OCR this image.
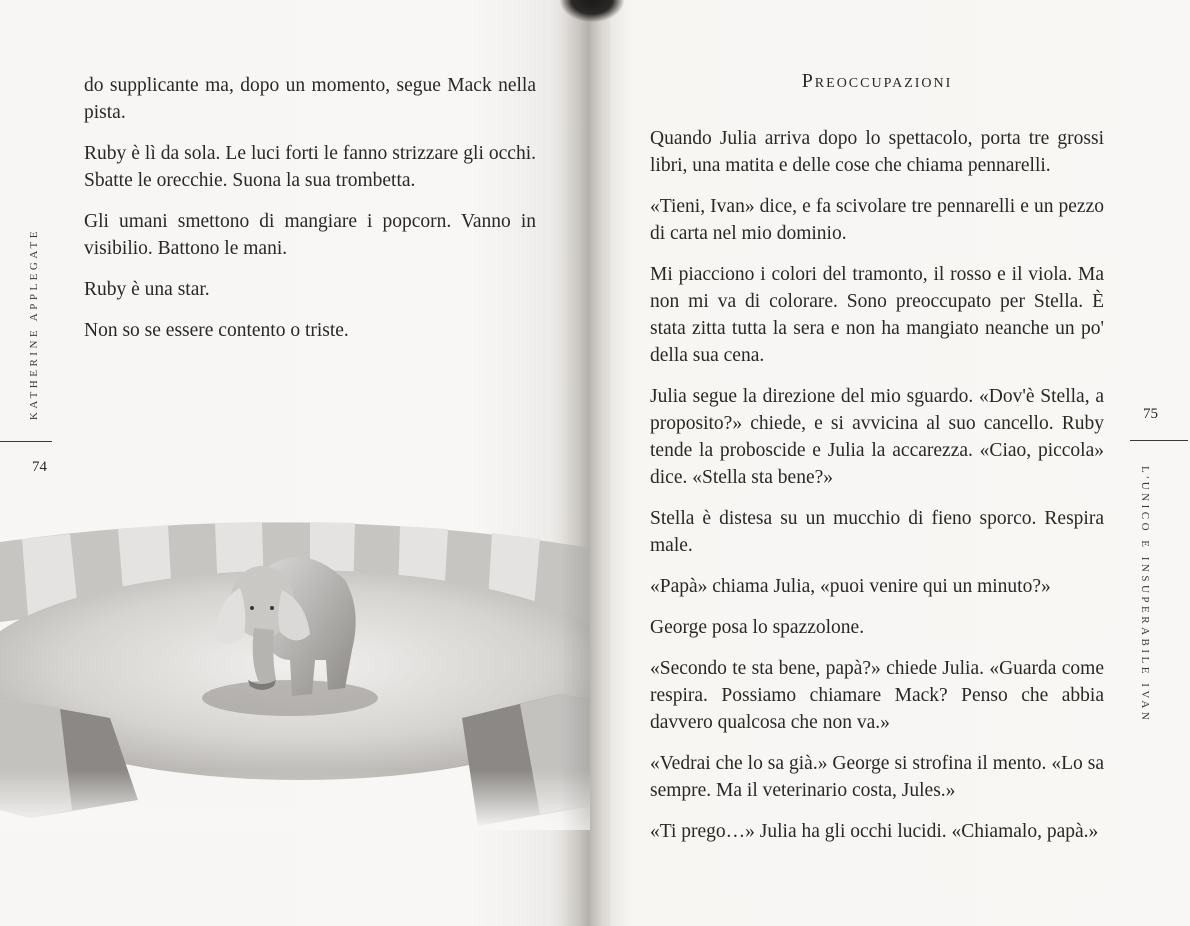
do supplicante ma, dopo un momento, segue Mack nella pista.

Ruby è lì da sola. Le luci forti le fanno strizzare gli occhi. Sbatte le orecchie. Suona la sua trombetta.

Gli umani smettono di mangiare i popcorn. Vanno in visibilio. Battono le mani.

Ruby è una star.

Non so se essere contento o triste.

KATHERINE APPLEGATE
74
Preoccupazioni

Quando Julia arriva dopo lo spettacolo, porta tre grossi libri, una matita e delle cose che chiama pennarelli.

«Tieni, Ivan» dice, e fa scivolare tre pennarelli e un pezzo di carta nel mio dominio.

Mi piacciono i colori del tramonto, il rosso e il viola. Ma non mi va di colorare. Sono preoccupato per Stella. È stata zitta tutta la sera e non ha mangiato neanche un po' della sua cena.

Julia segue la direzione del mio sguardo. «Dov'è Stella, a proposito?» chiede, e si avvicina al suo cancello. Ruby tende la proboscide e Julia la accarezza. «Ciao, piccola» dice. «Stella sta bene?»

Stella è distesa su un mucchio di fieno sporco. Respira male.

«Papà» chiama Julia, «puoi venire qui un minuto?»

George posa lo spazzolone.

«Secondo te sta bene, papà?» chiede Julia. «Guarda come respira. Possiamo chiamare Mack? Penso che abbia davvero qualcosa che non va.»

«Vedrai che lo sa già.» George si strofina il mento. «Lo sa sempre. Ma il veterinario costa, Jules.»

«Ti prego…» Julia ha gli occhi lucidi. «Chiamalo, papà.»

75
L'UNICO E INSUPERABILE IVAN
